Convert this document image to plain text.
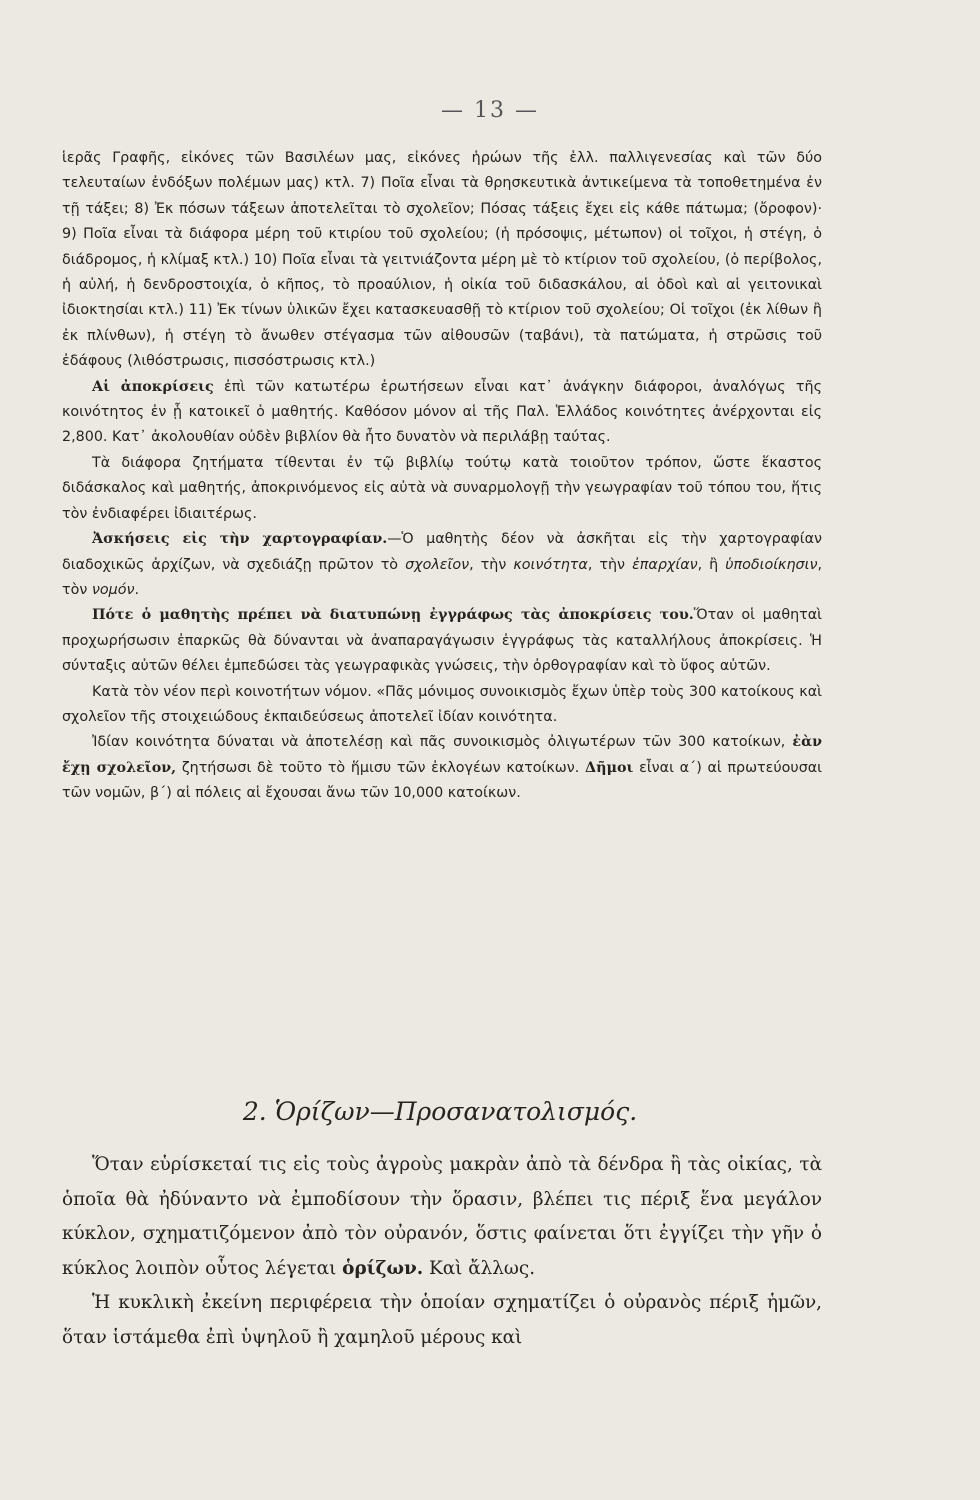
— 13 —

ἱερᾶς Γραφῆς, εἰκόνες τῶν Βασιλέων μας, εἰκόνες ἡρώων τῆς ἑλλ. παλλιγενεσίας καὶ τῶν δύο τελευταίων ἐνδόξων πολέμων μας) κτλ. 7) Ποῖα εἶναι τὰ θρησκευτικὰ ἀντικείμενα τὰ τοποθετημένα ἐν τῇ τάξει; 8) Ἐκ πόσων τάξεων ἀποτελεῖται τὸ σχολεῖον; Πόσας τάξεις ἔχει εἰς κάθε πάτωμα; (ὄροφον)· 9) Ποῖα εἶναι τὰ διάφορα μέρη τοῦ κτιρίου τοῦ σχολείου; (ἡ πρόσοψις, μέτωπον) οἱ τοῖχοι, ἡ στέγη, ὁ διάδρομος, ἡ κλίμαξ κτλ.) 10) Ποῖα εἶναι τὰ γειτνιάζοντα μέρη μὲ τὸ κτίριον τοῦ σχολείου, (ὁ περίβολος, ἡ αὐλή, ἡ δενδροστοιχία, ὁ κῆπος, τὸ προαύλιον, ἡ οἰκία τοῦ διδασκάλου, αἱ ὁδοὶ καὶ αἱ γειτονικαὶ ἰδιοκτησίαι κτλ.) 11) Ἐκ τίνων ὑλικῶν ἔχει κατασκευασθῇ τὸ κτίριον τοῦ σχολείου; Οἱ τοῖχοι (ἐκ λίθων ἢ ἐκ πλίνθων), ἡ στέγη τὸ ἄνωθεν στέγασμα τῶν αἰθουσῶν (ταβάνι), τὰ πατώματα, ἡ στρῶσις τοῦ ἐδάφους (λιθόστρωσις, πισσόστρωσις κτλ.)

Αἱ ἀποκρίσεις ἐπὶ τῶν κατωτέρω ἐρωτήσεων εἶναι κατ᾽ ἀνάγκην διάφοροι, ἀναλόγως τῆς κοινότητος ἐν ᾗ κατοικεῖ ὁ μαθητής. Καθόσον μόνον αἱ τῆς Παλ. Ἑλλάδος κοινότητες ἀνέρχονται εἰς 2,800. Κατ᾽ ἀκολουθίαν οὐδὲν βιβλίον θὰ ἦτο δυνατὸν νὰ περιλάβῃ ταύτας.

Τὰ διάφορα ζητήματα τίθενται ἐν τῷ βιβλίῳ τούτῳ κατὰ τοιοῦτον τρόπον, ὥστε ἕκαστος διδάσκαλος καὶ μαθητής, ἀποκρινόμενος εἰς αὐτὰ νὰ συναρμολογῇ τὴν γεωγραφίαν τοῦ τόπου του, ἥτις τὸν ἐνδιαφέρει ἰδιαιτέρως.

Ἀσκήσεις εἰς τὴν χαρτογραφίαν.—Ὁ μαθητὴς δέον νὰ ἀσκῆται εἰς τὴν χαρτογραφίαν διαδοχικῶς ἀρχίζων, νὰ σχεδιάζῃ πρῶτον τὸ σχολεῖον, τὴν κοινότητα, τὴν ἐπαρχίαν, ἢ ὑποδιοίκησιν, τὸν νομόν.

Πότε ὁ μαθητὴς πρέπει νὰ διατυπώνῃ ἐγγράφως τὰς ἀποκρίσεις του.Ὅταν οἱ μαθηταὶ προχωρήσωσιν ἐπαρκῶς θὰ δύνανται νὰ ἀναπαραγάγωσιν ἐγγράφως τὰς καταλλήλους ἀποκρίσεις. Ἡ σύνταξις αὐτῶν θέλει ἐμπεδώσει τὰς γεωγραφικὰς γνώσεις, τὴν ὀρθογραφίαν καὶ τὸ ὕφος αὐτῶν.

Κατὰ τὸν νέον περὶ κοινοτήτων νόμον. «Πᾶς μόνιμος συνοικισμὸς ἔχων ὑπὲρ τοὺς 300 κατοίκους καὶ σχολεῖον τῆς στοιχειώδους ἐκπαιδεύσεως ἀποτελεῖ ἰδίαν κοινότητα.

Ἰδίαν κοινότητα δύναται νὰ ἀποτελέσῃ καὶ πᾶς συνοικισμὸς ὀλιγωτέρων τῶν 300 κατοίκων, ἐὰν ἔχῃ σχολεῖον, ζητήσωσι δὲ τοῦτο τὸ ἥμισυ τῶν ἐκλογέων κατοίκων. Δῆμοι εἶναι α΄) αἱ πρωτεύουσαι τῶν νομῶν, β΄) αἱ πόλεις αἱ ἔχουσαι ἄνω τῶν 10,000 κατοίκων.

2. Ὁρίζων—Προσανατολισμός.

Ὅταν εὑρίσκεταί τις εἰς τοὺς ἀγροὺς μακρὰν ἀπὸ τὰ δένδρα ἢ τὰς οἰκίας, τὰ ὁποῖα θὰ ἠδύναντο νὰ ἐμποδίσουν τὴν ὅρασιν, βλέπει τις πέριξ ἕνα μεγάλον κύκλον, σχηματιζόμενον ἀπὸ τὸν οὐρανόν, ὅστις φαίνεται ὅτι ἐγγίζει τὴν γῆν ὁ κύκλος λοιπὸν οὗτος λέγεται ὁρίζων. Καὶ ἄλλως.

Ἡ κυκλικὴ ἐκείνη περιφέρεια τὴν ὁποίαν σχηματίζει ὁ οὐρανὸς πέριξ ἡμῶν, ὅταν ἱστάμεθα ἐπὶ ὑψηλοῦ ἢ χαμηλοῦ μέρους καὶ
